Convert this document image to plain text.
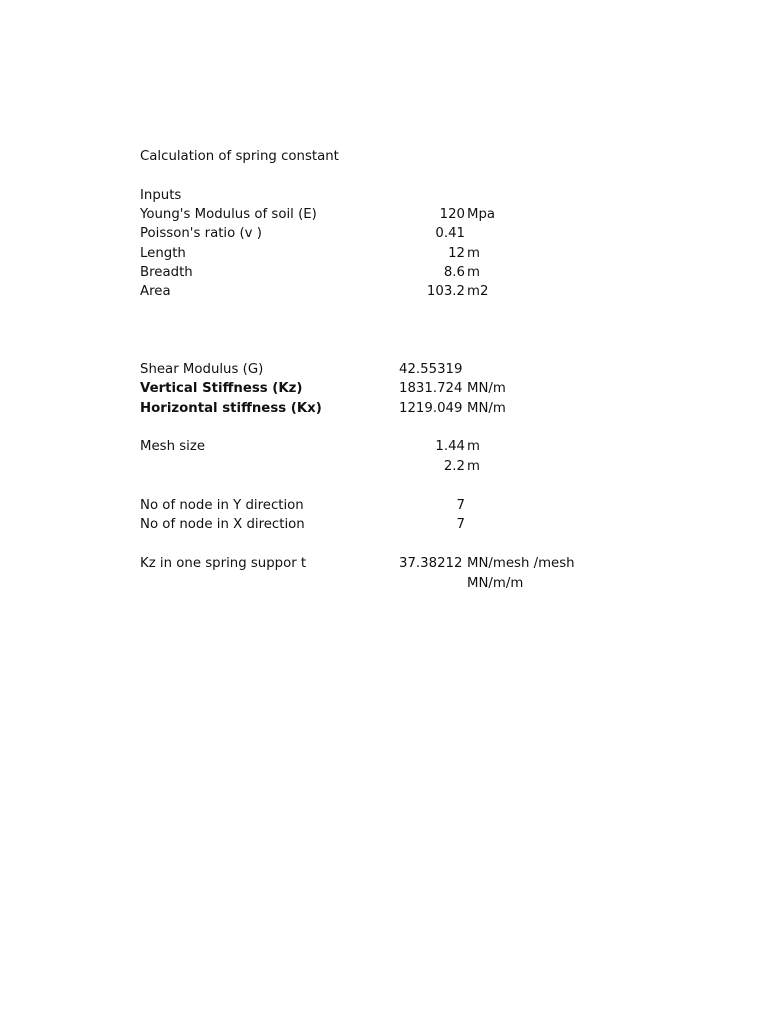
Calculation of spring constant
Inputs
Young's Modulus of soil (E)	120 Mpa
Poisson's ratio (v )	0.41
Length	12 m
Breadth	8.6 m
Area	103.2 m2
Shear Modulus (G)	42.55319
Vertical Stiffness (Kz)	1831.724 MN/m
Horizontal stiffness (Kx)	1219.049 MN/m
Mesh size	1.44 m
2.2 m
No of node in Y direction	7
No of node in X direction	7
Kz in one spring suppor t	37.38212 MN/mesh /mesh
MN/m/m
